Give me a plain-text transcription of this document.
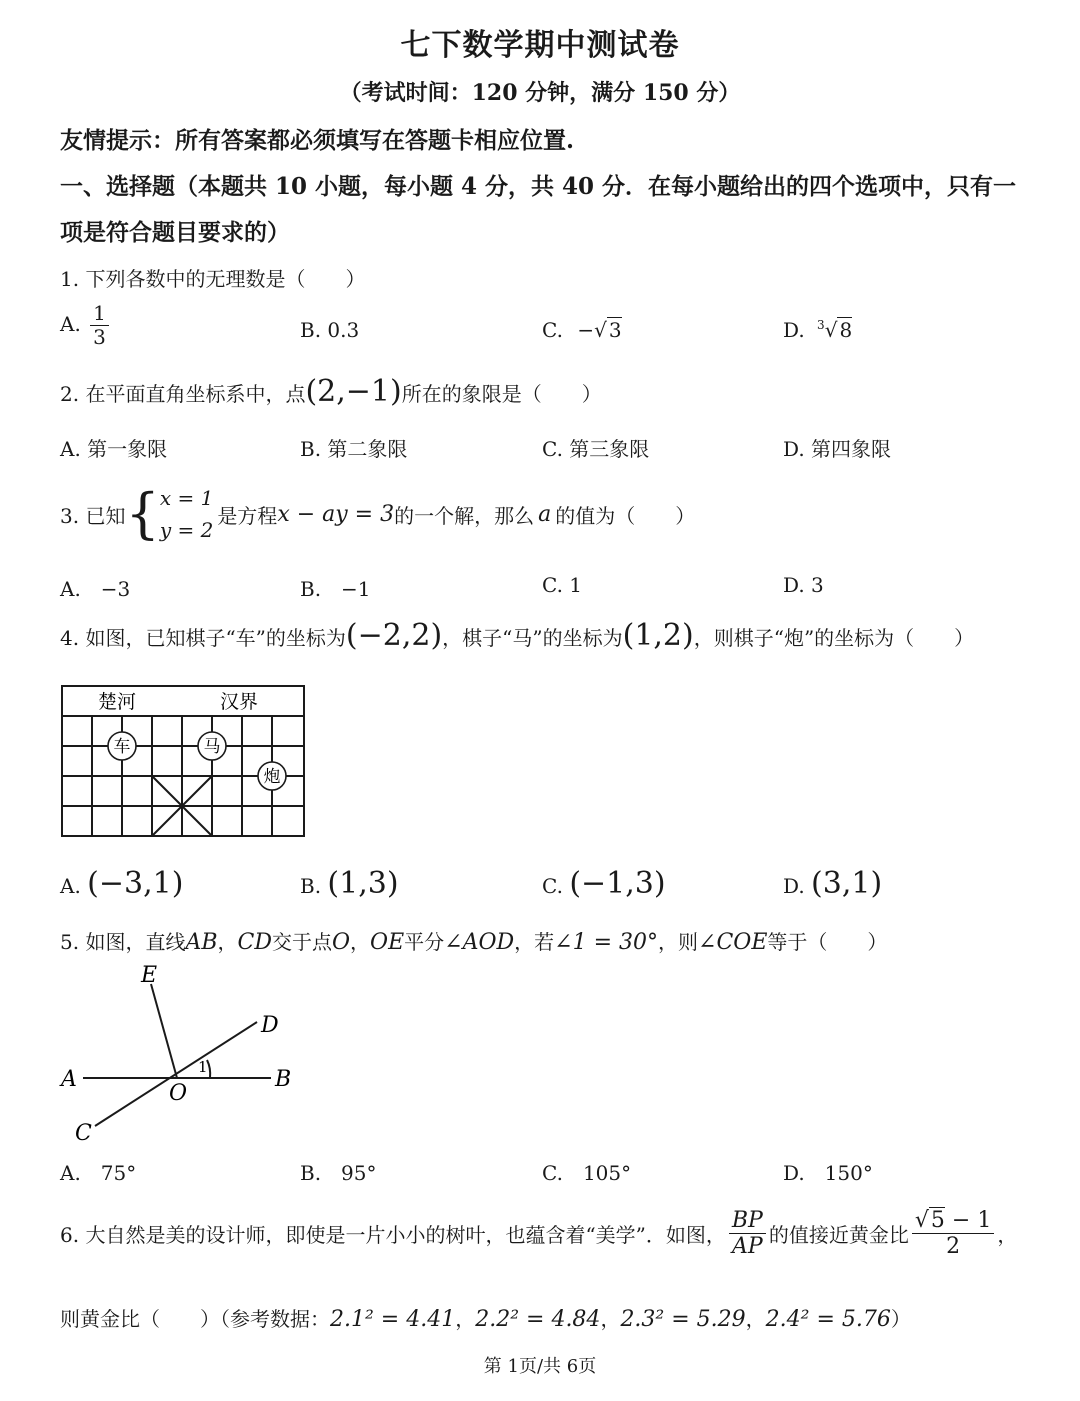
七下数学期中测试卷
（考试时间：120 分钟，满分 150 分）
友情提示：所有答案都必须填写在答题卡相应位置.
一、选择题（本题共 10 小题，每小题 4 分，共 40 分．在每小题给出的四个选项中，只有一
项是符合题目要求的）
1. 下列各数中的无理数是（　　）
A. $\frac{1}{3}$	B. 0.3	C. −√ 3	D. $^3$√ 8
2. 在平面直角坐标系中，点(2,−1)所在的象限是（　　）
A. 第一象限	B. 第二象限	C. 第三象限	D. 第四象限
3. 已知 { x = 1
y = 2
是方程 x − ay = 3 的一个解，那么 a 的值为（　　）
A.　−3	B.　−1	C. 1	D. 3
4. 如图，已知棋子“车”的坐标为(−2,2)，棋子“马”的坐标为(1,2)，则棋子“炮”的坐标为（　　）
楚河	汉界
车	马
炮
A. (−3,1)	B. (1,3)	C. (−1,3)	D. (3,1)
5. 如图，直线AB，CD交于点O，OE平分∠AOD，若∠1 = 30°，则∠COE等于（　　）
E
D
A
O
B
C
1
A.　75°	B.　95°	C.　105°	D.　150°
6. 大自然是美的设计师，即使是一片小小的树叶，也蕴含着“美学”．如图， $\frac{BP}{AP}$ 的值接近黄金比 $\frac{√5 - 1}{2}$ ，
则黄金比（　　）（参考数据：2.1² = 4.41，2.2² = 4.84，2.3² = 5.29，2.4² = 5.76）
第 1页/共 6页
